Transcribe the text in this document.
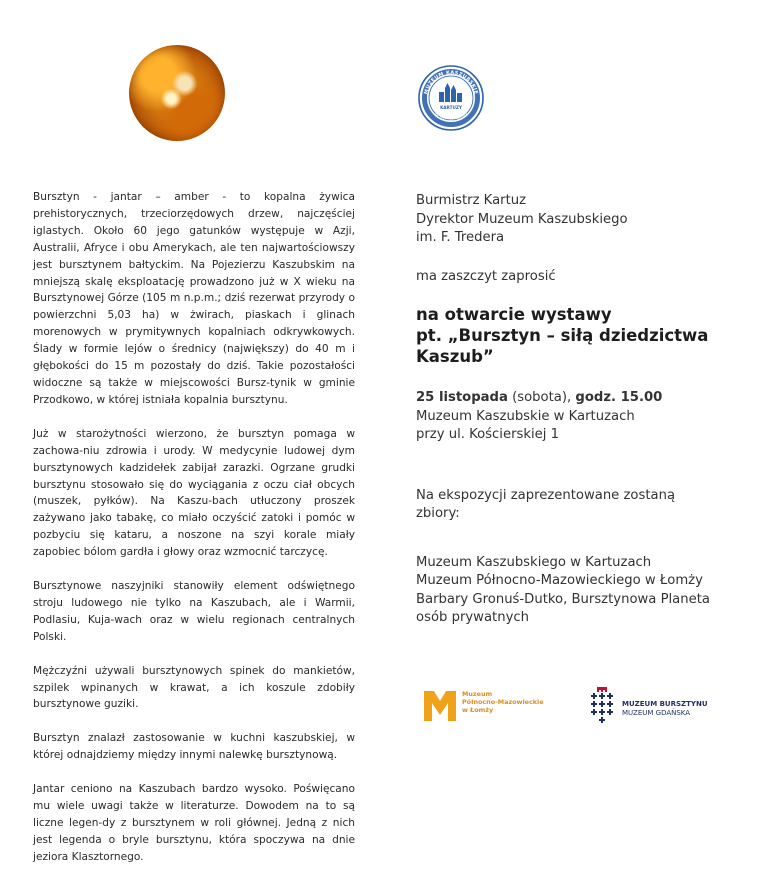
Bursztyn - jantar – amber - to kopalna żywica prehistorycznych, trzeciorzędowych drzew, najczęściej iglastych. Około 60 jego gatunków występuje w Azji, Australii, Afryce i obu Amerykach, ale ten najwartościowszy jest bursztynem bałtyckim. Na Pojezierzu Kaszubskim na mniejszą skalę eksploatację prowadzono już w X wieku na Bursztynowej Górze (105 m n.p.m.; dziś rezerwat przyrody o powierzchni 5,03 ha) w żwirach, piaskach i glinach morenowych w prymitywnych kopalniach odkrywkowych. Ślady w formie lejów o średnicy (największy) do 40 m i głębokości do 15 m pozostały do dziś. Takie pozostałości widoczne są także w miejscowości Bursz-tynik w gminie Przodkowo, w której istniała kopalnia bursztynu.

Już w starożytności wierzono, że bursztyn pomaga w zachowa-niu zdrowia i urody. W medycynie ludowej dym bursztynowych kadzidełek zabijał zarazki. Ogrzane grudki bursztynu stosowało się do wyciągania z oczu ciał obcych (muszek, pyłków). Na Kaszu-bach utłuczony proszek zażywano jako tabakę, co miało oczyścić zatoki i pomóc w pozbyciu się kataru, a noszone na szyi korale miały zapobiec bólom gardła i głowy oraz wzmocnić tarczycę.

Bursztynowe naszyjniki stanowiły element odświętnego stroju ludowego nie tylko na Kaszubach, ale i Warmii, Podlasiu, Kuja-wach oraz w wielu regionach centralnych Polski.

Mężczyźni używali bursztynowych spinek do mankietów, szpilek wpinanych w krawat, a ich koszule zdobiły bursztynowe guziki.

Bursztyn znalazł zastosowanie w kuchni kaszubskiej, w której odnajdziemy między innymi nalewkę bursztynową.

Jantar ceniono na Kaszubach bardzo wysoko. Poświęcano mu wiele uwagi także w literaturze. Dowodem na to są liczne legen-dy z bursztynem w roli głównej. Jedną z nich jest legenda o bryle bursztynu, która spoczywa na dnie jeziora Klasztornego.

MUZEUM KASZUBSKIE
im. Franciszka Tredera
KARTUZY
Burmistrz Kartuz
Dyrektor Muzeum Kaszubskiego
im. F. Tredera
ma zaszczyt zaprosić
na otwarcie wystawy
pt. „Bursztyn – siłą dziedzictwa
Kaszub”
25 listopada (sobota), godz. 15.00
Muzeum Kaszubskie w Kartuzach
przy ul. Kościerskiej 1
Na ekspozycji zaprezentowane zostaną
zbiory:
Muzeum Kaszubskiego w Kartuzach
Muzeum Północno-Mazowieckiego w Łomży
Barbary Gronuś-Dutko, Bursztynowa Planeta
osób prywatnych
Muzeum
Północno-Mazowieckie
w Łomży
MUZEUM BURSZTYNU
MUZEUM GDAŃSKA
